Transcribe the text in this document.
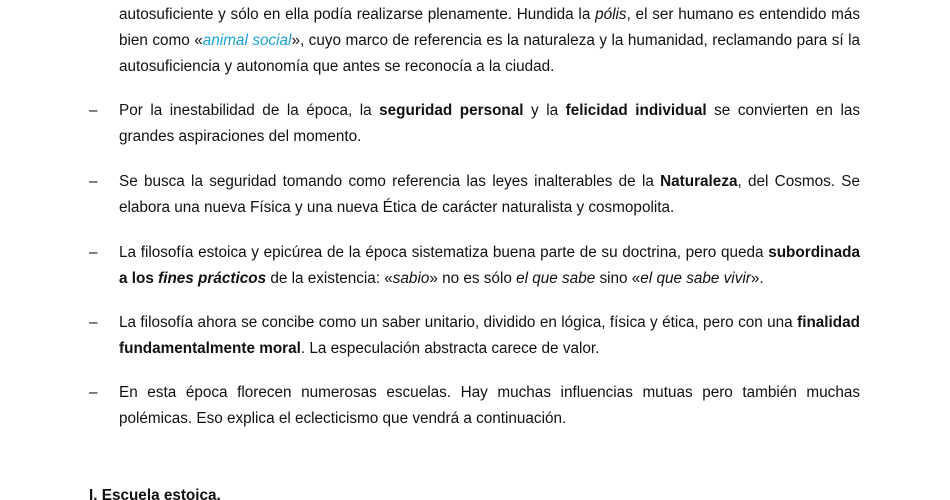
autosuficiente y sólo en ella podía realizarse plenamente. Hundida la pólis, el ser humano es entendido más
bien como «animal social», cuyo marco de referencia es la naturaleza y la humanidad, reclamando para sí la
autosuficiencia y autonomía que antes se reconocía a la ciudad.
‒ Por la inestabilidad de la época, la seguridad personal y la felicidad individual se convierten en las grandes aspiraciones del momento.

‒ Se busca la seguridad tomando como referencia las leyes inalterables de la Naturaleza, del Cosmos. Se elabora una nueva Física y una nueva Ética de carácter naturalista y cosmopolita.

‒ La filosofía estoica y epicúrea de la época sistematiza buena parte de su doctrina, pero queda subordinada a los fines prácticos de la existencia: «sabio» no es sólo el que sabe sino «el que sabe vivir».

‒ La filosofía ahora se concibe como un saber unitario, dividido en lógica, física y ética, pero con una finalidad fundamentalmente moral. La especulación abstracta carece de valor.

‒ En esta época florecen numerosas escuelas. Hay muchas influencias mutuas pero también muchas polémicas. Eso explica el eclecticismo que vendrá a continuación.

I. Escuela estoica.
